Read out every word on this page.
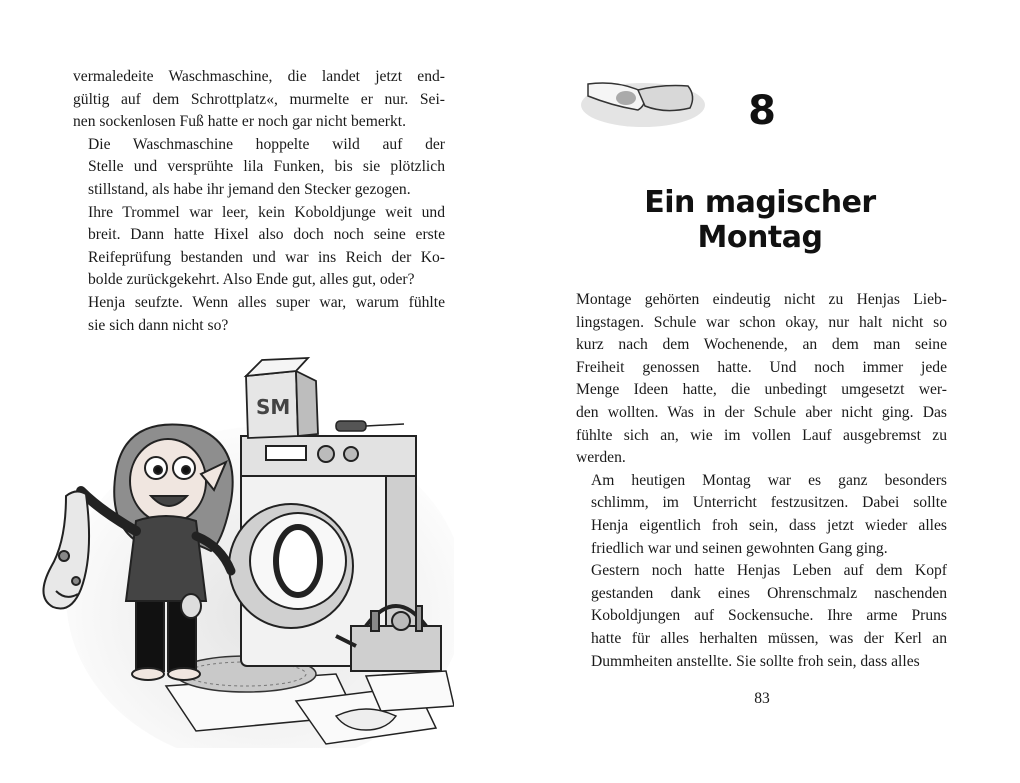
vermaledeite Waschmaschine, die landet jetzt end-
gültig auf dem Schrottplatz«, murmelte er nur. Sei-
nen sockenlosen Fuß hatte er noch gar nicht bemerkt.

Die Waschmaschine hoppelte wild auf der
Stelle und versprühte lila Funken, bis sie plötzlich
stillstand, als habe ihr jemand den Stecker gezogen.

Ihre Trommel war leer, kein Koboldjunge weit und
breit. Dann hatte Hixel also doch noch seine erste
Reifeprüfung bestanden und war ins Reich der Ko-
bolde zurückgekehrt. Also Ende gut, alles gut, oder?

Henja seufzte. Wenn alles super war, warum fühlte
sie sich dann nicht so?

SM
8
Ein magischer Montag

Montage gehörten eindeutig nicht zu Henjas Lieb-
lingstagen. Schule war schon okay, nur halt nicht so
kurz nach dem Wochenende, an dem man seine
Freiheit genossen hatte. Und noch immer jede
Menge Ideen hatte, die unbedingt umgesetzt wer-
den wollten. Was in der Schule aber nicht ging. Das
fühlte sich an, wie im vollen Lauf ausgebremst zu
werden.

Am heutigen Montag war es ganz besonders
schlimm, im Unterricht festzusitzen. Dabei sollte
Henja eigentlich froh sein, dass jetzt wieder alles
friedlich war und seinen gewohnten Gang ging.

Gestern noch hatte Henjas Leben auf dem Kopf
gestanden dank eines Ohrenschmalz naschenden
Koboldjungen auf Sockensuche. Ihre arme Pruns
hatte für alles herhalten müssen, was der Kerl an
Dummheiten anstellte. Sie sollte froh sein, dass alles

83
